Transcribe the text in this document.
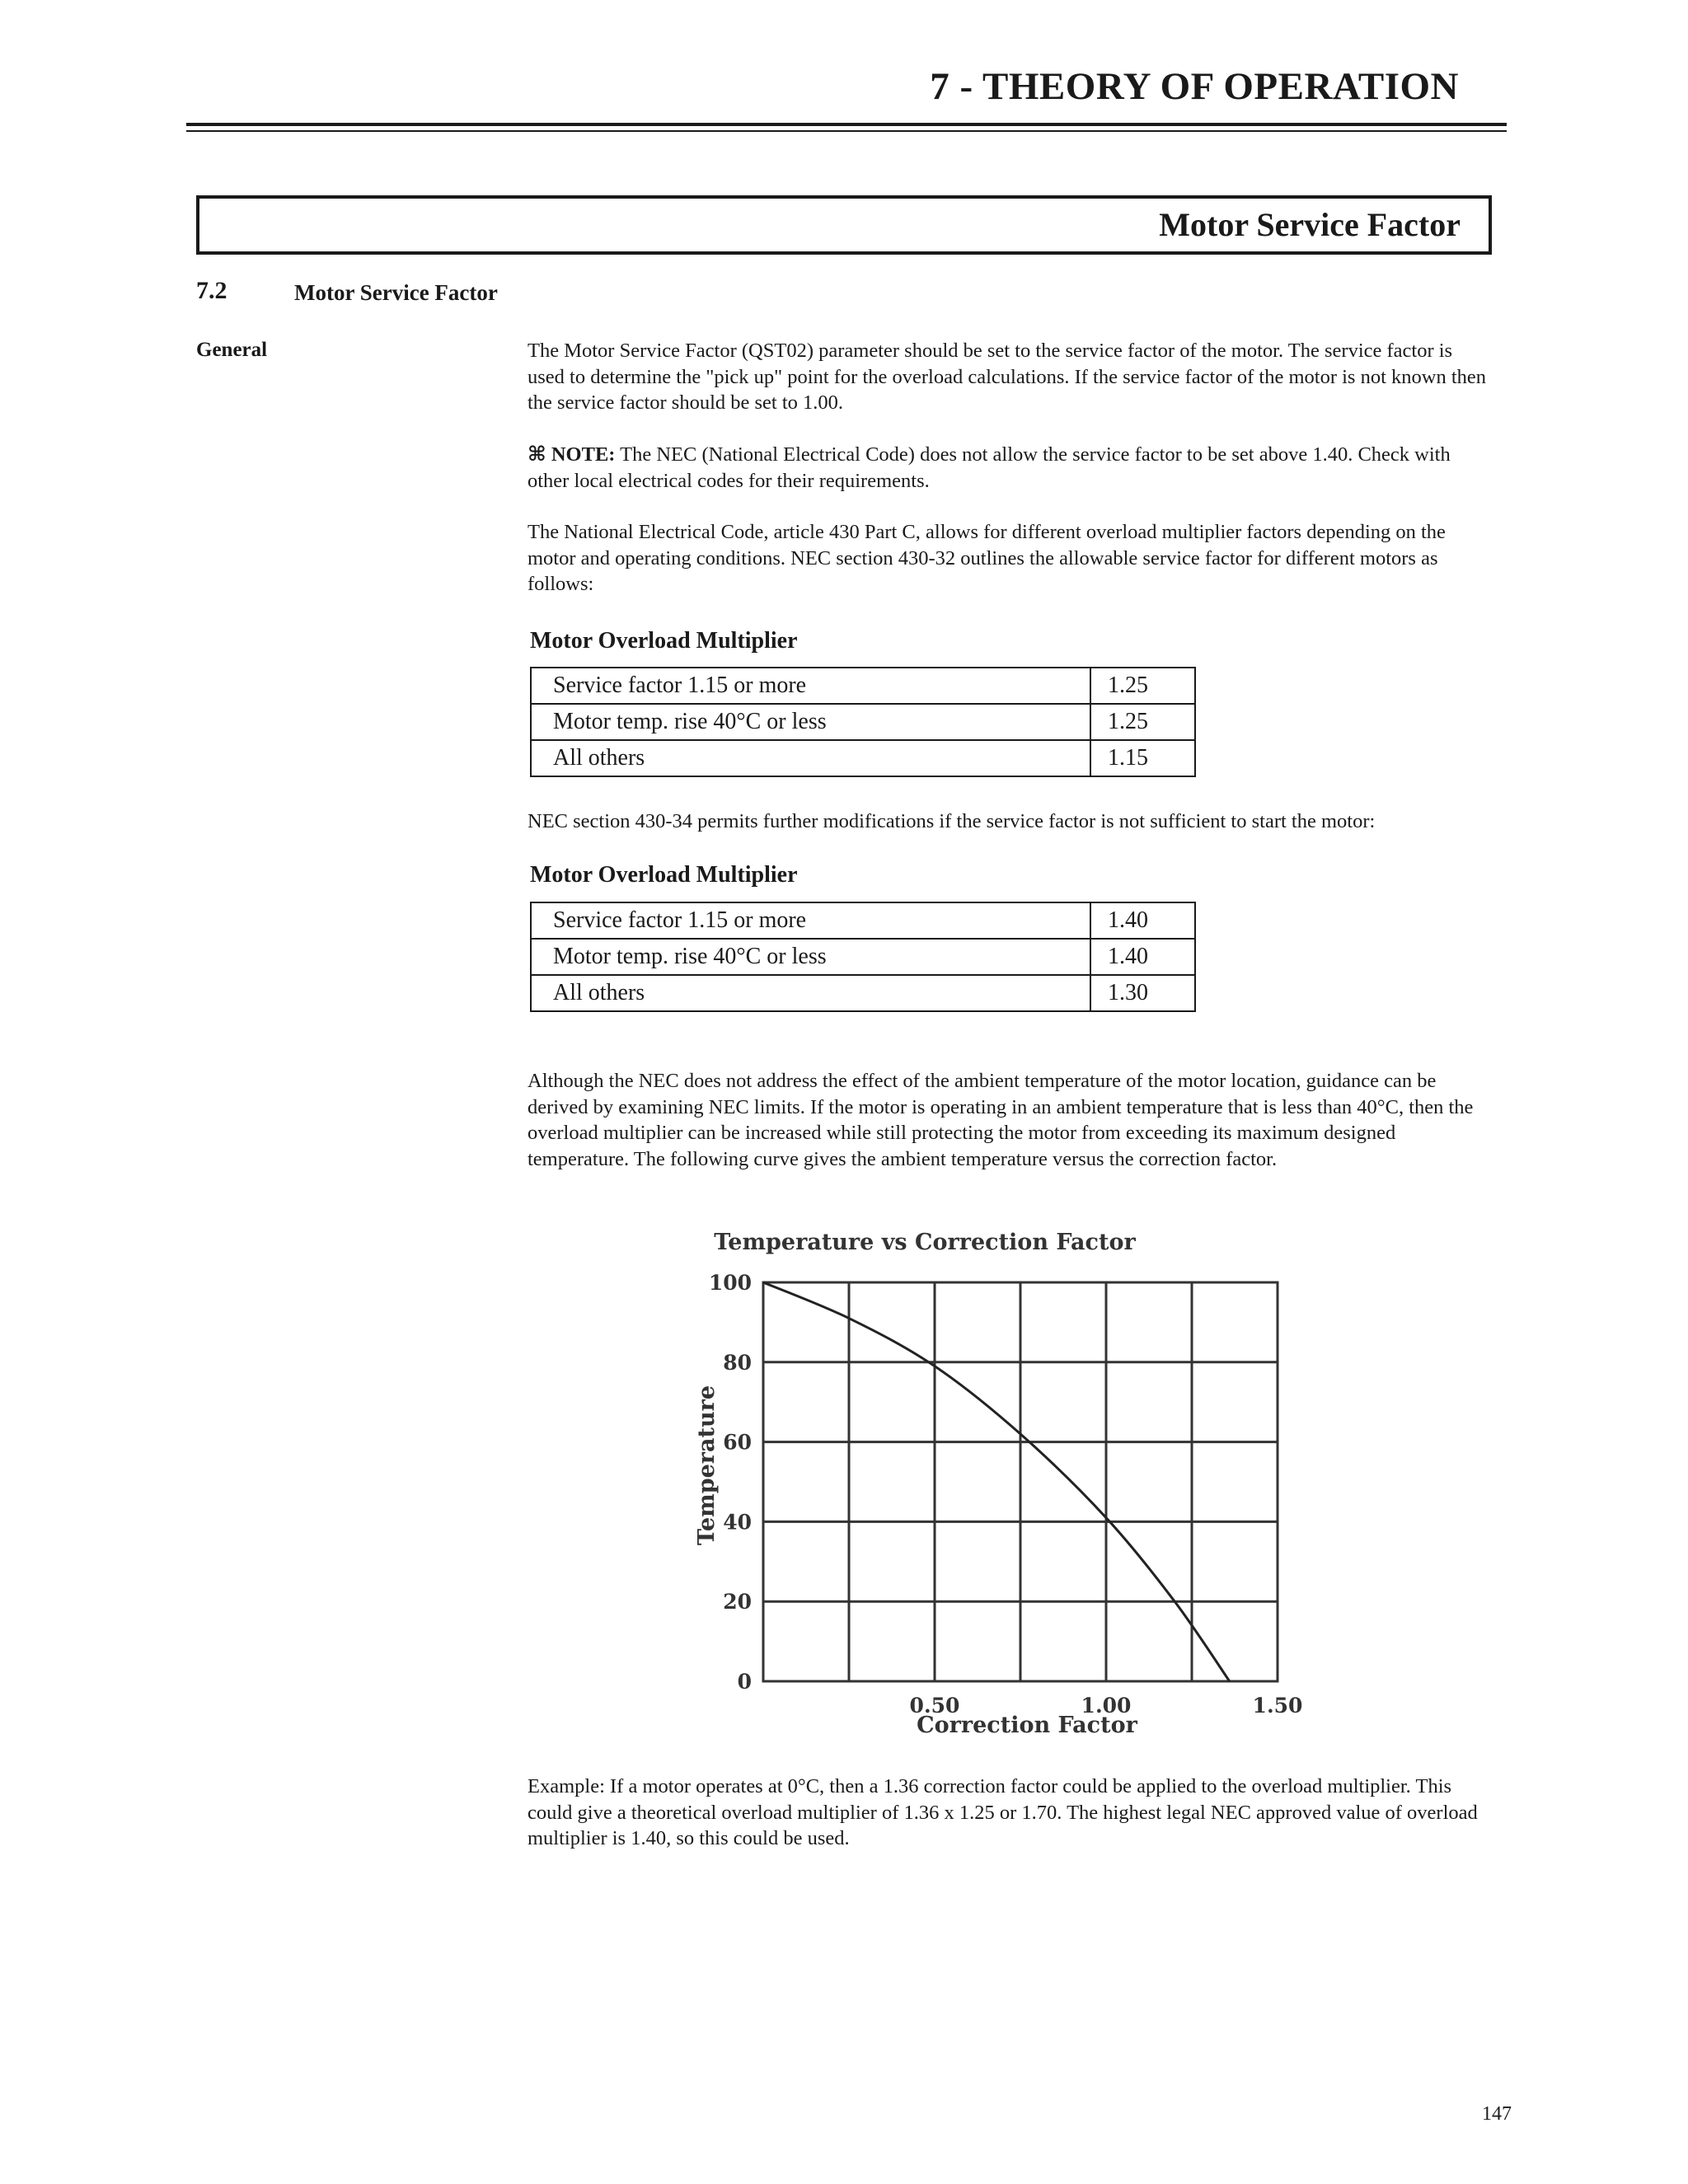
7 - THEORY OF OPERATION
Motor Service Factor
7.2	Motor Service Factor
General	The Motor Service Factor (QST02) parameter should be set to the service factor of the motor. The service factor is used to determine the "pick up" point for the overload calculations. If the service factor of the motor is not known then the service factor should be set to 1.00.

⌘ NOTE: The NEC (National Electrical Code) does not allow the service factor to be set above 1.40. Check with other local electrical codes for their requirements.

The National Electrical Code, article 430 Part C, allows for different overload multiplier factors depending on the motor and operating conditions. NEC section 430-32 outlines the allowable service factor for different motors as follows:

Motor Overload Multiplier
Service factor 1.15 or more	1.25
Motor temp. rise 40°C or less	1.25
All others	1.15

NEC section 430-34 permits further modifications if the service factor is not sufficient to start the motor:

Motor Overload Multiplier
Service factor 1.15 or more	1.40
Motor temp. rise 40°C or less	1.40
All others	1.30

Although the NEC does not address the effect of the ambient temperature of the motor location, guidance can be derived by examining NEC limits. If the motor is operating in an ambient temperature that is less than 40°C, then the overload multiplier can be increased while still protecting the motor from exceeding its maximum designed temperature. The following curve gives the ambient temperature versus the correction factor.

Temperature vs Correction Factor
Temperature
Correction Factor
0
20
40
60
80
100
0.50	1.00	1.50

Example: If a motor operates at 0°C, then a 1.36 correction factor could be applied to the overload multiplier. This could give a theoretical overload multiplier of 1.36 x 1.25 or 1.70. The highest legal NEC approved value of overload multiplier is 1.40, so this could be used.

147
